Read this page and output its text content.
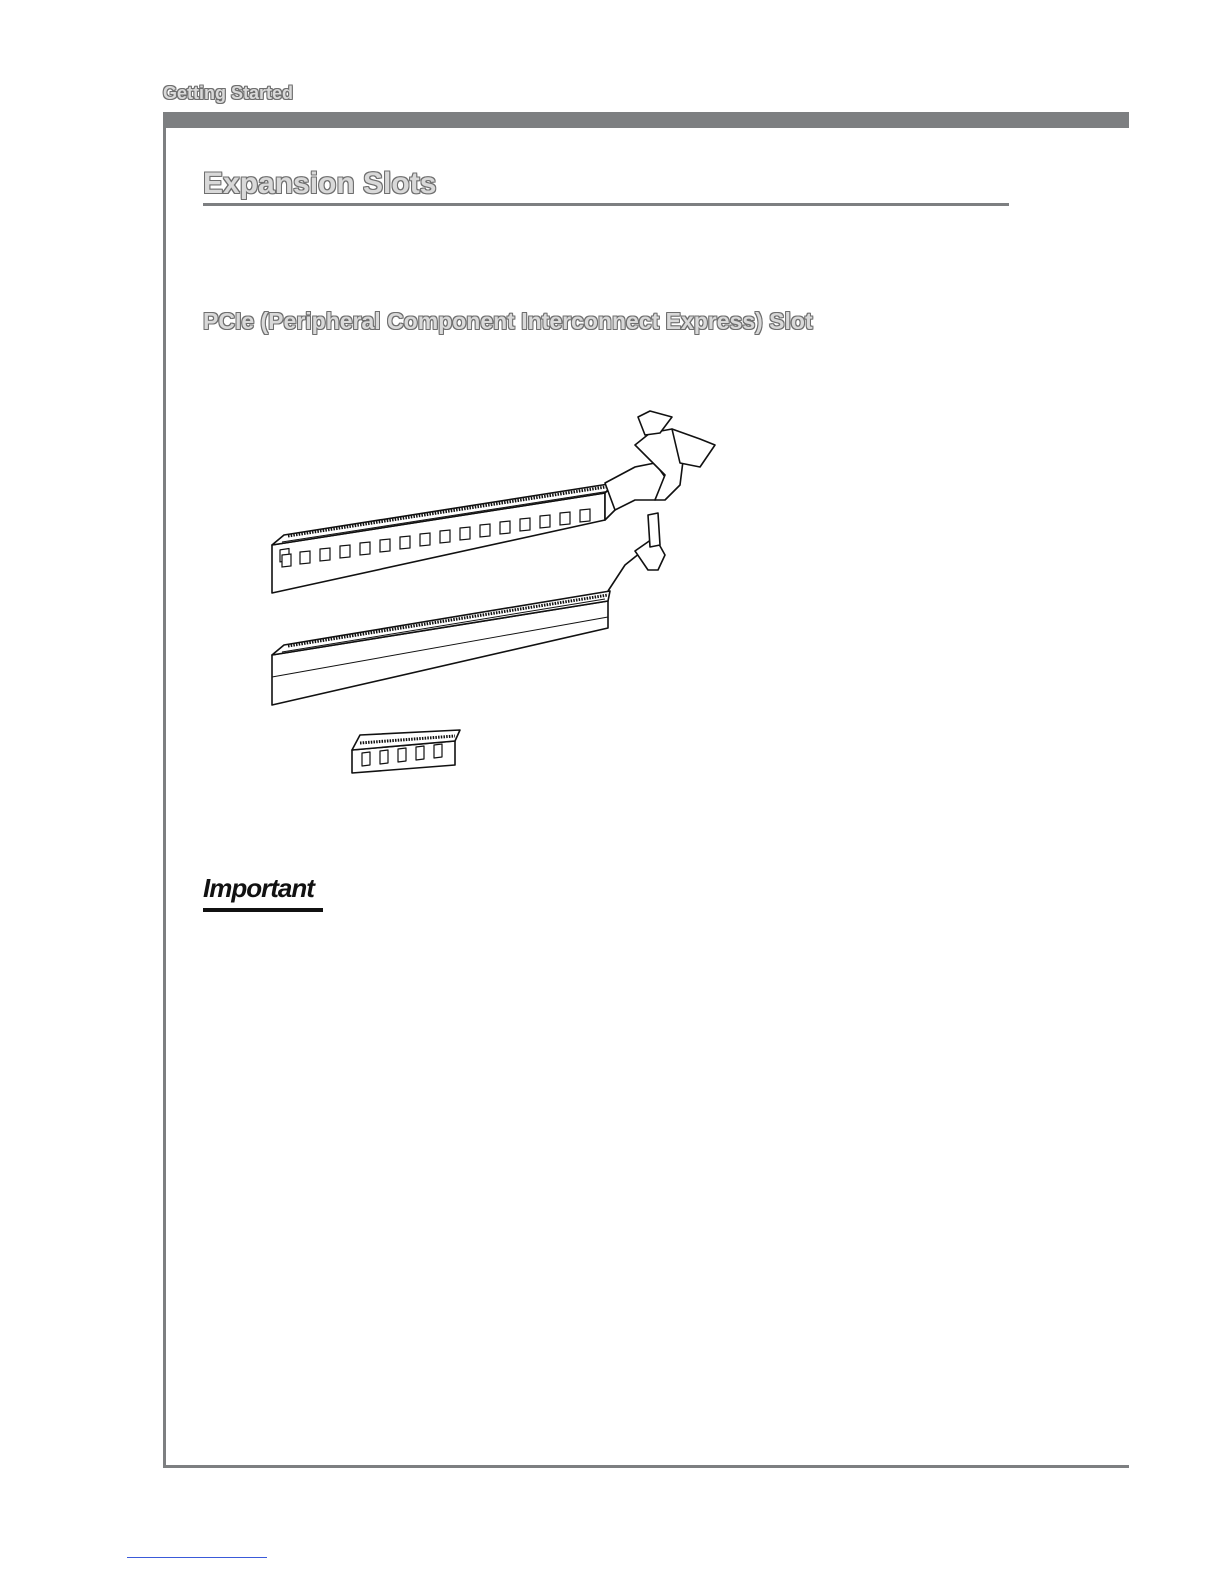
Getting Started
Expansion Slots
PCIe (Peripheral Component Interconnect Express) Slot
Important
